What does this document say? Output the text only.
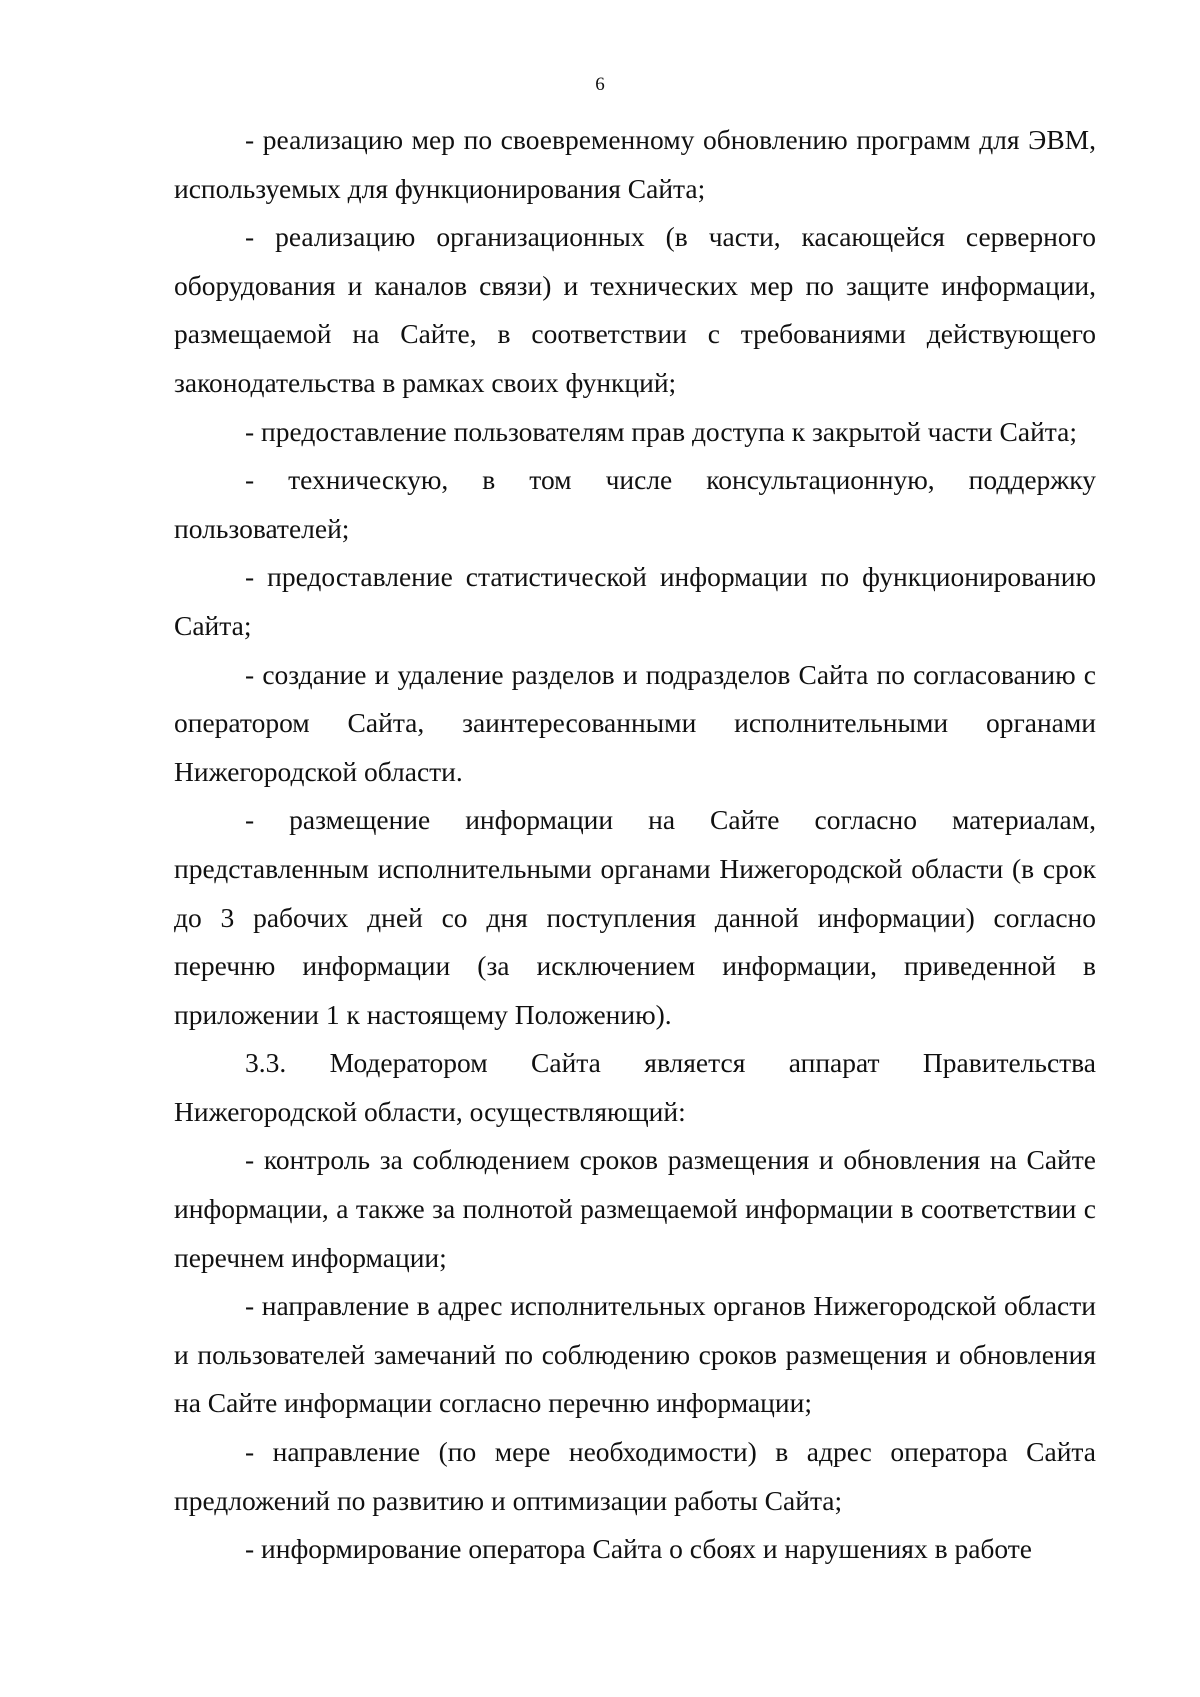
6

- реализацию мер по своевременному обновлению программ для ЭВМ, используемых для функционирования Сайта;

- реализацию организационных (в части, касающейся серверного оборудования и каналов связи) и технических мер по защите информации, размещаемой на Сайте, в соответствии с требованиями действующего законодательства в рамках своих функций;

- предоставление пользователям прав доступа к закрытой части Сайта;

- техническую, в том числе консультационную, поддержку пользователей;

- предоставление статистической информации по функционированию Сайта;

- создание и удаление разделов и подразделов Сайта по согласованию с оператором Сайта, заинтересованными исполнительными органами Нижегородской области.

- размещение информации на Сайте согласно материалам, представленным исполнительными органами Нижегородской области (в срок до 3 рабочих дней со дня поступления данной информации) согласно перечню информации (за исключением информации, приведенной в приложении 1 к настоящему Положению).

3.3. Модератором Сайта является аппарат Правительства Нижегородской области, осуществляющий:

- контроль за соблюдением сроков размещения и обновления на Сайте информации, а также за полнотой размещаемой информации в соответствии с перечнем информации;

- направление в адрес исполнительных органов Нижегородской области и пользователей замечаний по соблюдению сроков размещения и обновления на Сайте информации согласно перечню информации;

- направление (по мере необходимости) в адрес оператора Сайта предложений по развитию и оптимизации работы Сайта;

- информирование оператора Сайта о сбоях и нарушениях в работе
